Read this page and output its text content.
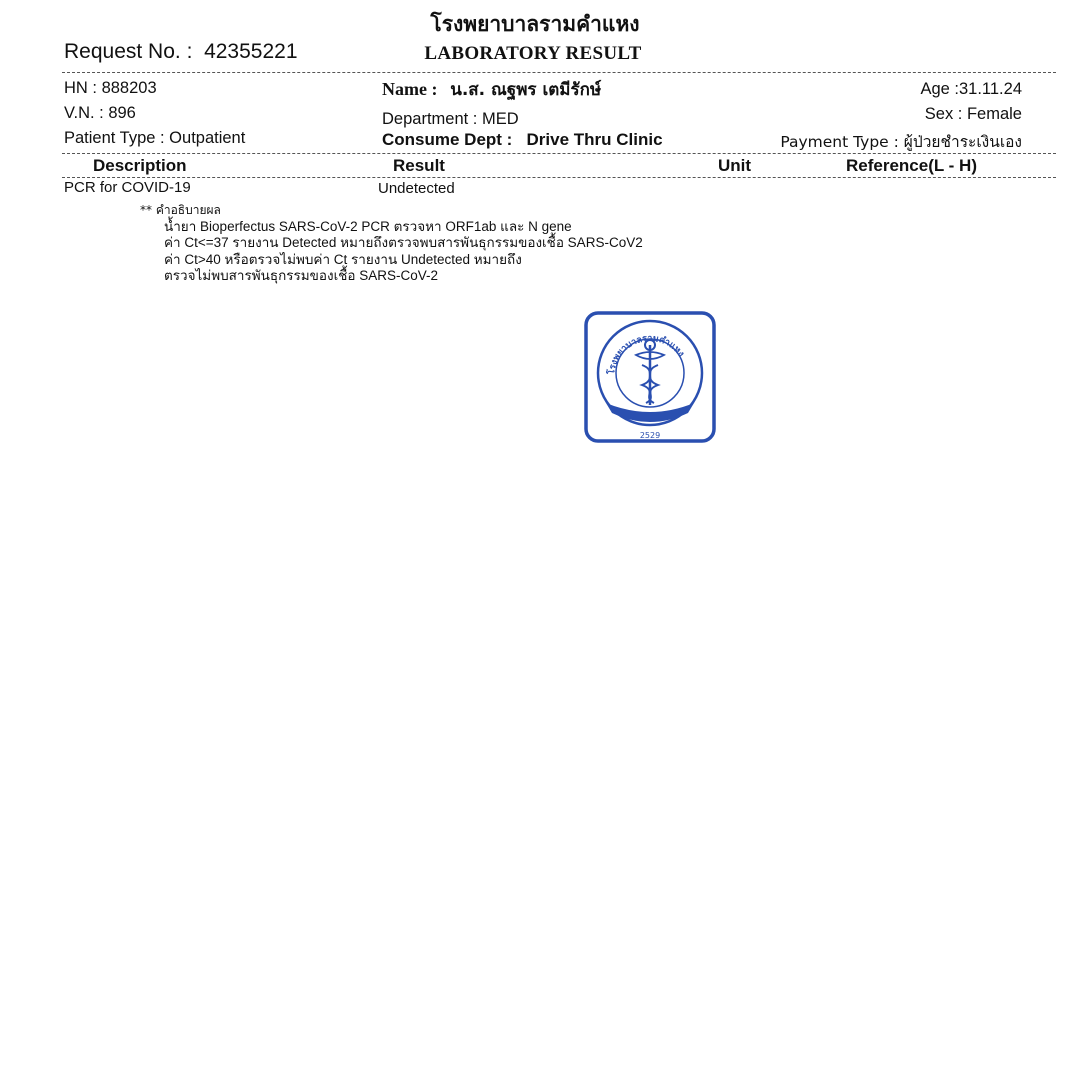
โรงพยาบาลรามคำแหง
LABORATORY RESULT
Request No. : 42355221
HN : 888203
V.N. : 896
Patient Type : Outpatient
Name : น.ส. ณฐพร เตมีรักษ์
Department : MED
Consume Dept : Drive Thru Clinic
Age :31.11.24
Sex : Female
Payment Type : ผู้ป่วยชำระเงินเอง
Description	Result	Unit	Reference(L - H)
PCR for COVID-19	Undetected
** คำอธิบายผล
น้ำยา Bioperfectus SARS-CoV-2 PCR ตรวจหา ORF1ab และ N gene
ค่า Ct<=37 รายงาน Detected หมายถึงตรวจพบสารพันธุกรรมของเชื้อ SARS-CoV2
ค่า Ct>40 หรือตรวจไม่พบค่า Ct รายงาน Undetected หมายถึง
ตรวจไม่พบสารพันธุกรรมของเชื้อ SARS-CoV-2
โรงพยาบาลรามคำแหง
2529
